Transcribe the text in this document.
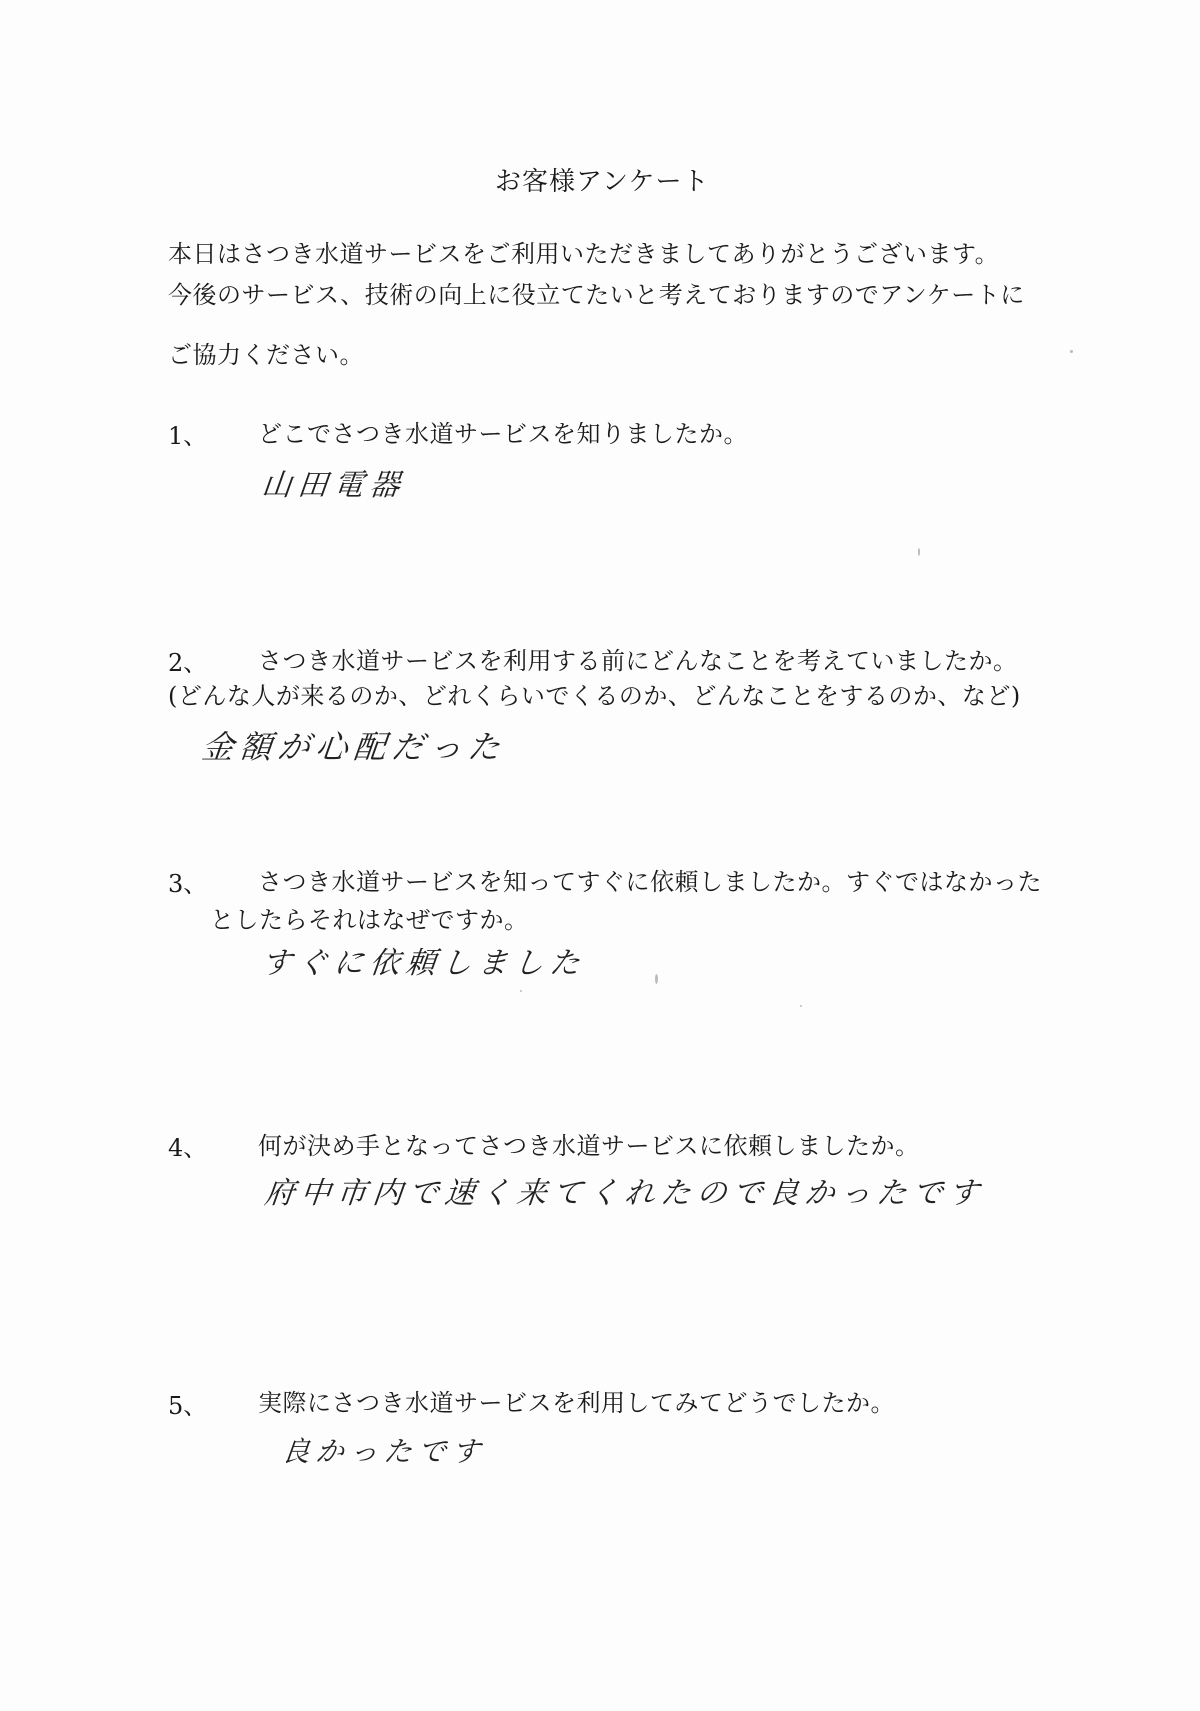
お客様アンケート
本日はさつき水道サービスをご利用いただきましてありがとうございます。
今後のサービス、技術の向上に役立てたいと考えておりますのでアンケートに
ご協力ください。
1、 どこでさつき水道サービスを知りましたか。
山田電器
2、 さつき水道サービスを利用する前にどんなことを考えていましたか。
(どんな人が来るのか、どれくらいでくるのか、どんなことをするのか、など)
金額が心配だった
3、 さつき水道サービスを知ってすぐに依頼しましたか。すぐではなかった
としたらそれはなぜですか。
すぐに依頼しました
4、 何が決め手となってさつき水道サービスに依頼しましたか。
府中市内で速く来てくれたので良かったです
5、 実際にさつき水道サービスを利用してみてどうでしたか。
良かったです
